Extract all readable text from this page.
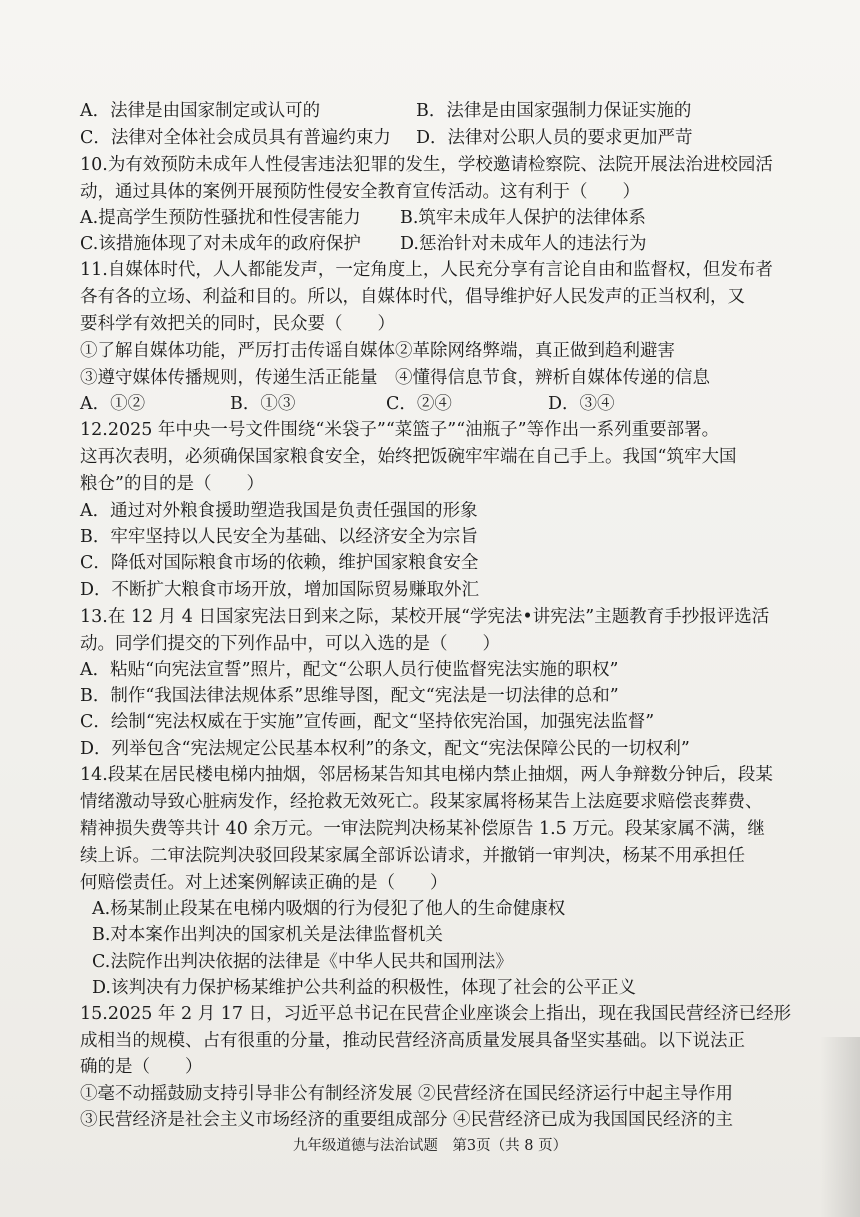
A．法律是由国家制定或认可的	B．法律是由国家强制力保证实施的
C．法律对全体社会成员具有普遍约束力 D．法律对公职人员的要求更加严苛
10.为有效预防未成年人性侵害违法犯罪的发生，学校邀请检察院、法院开展法治进校园活
动，通过具体的案例开展预防性侵安全教育宣传活动。这有利于（　　）
A.提高学生预防性骚扰和性侵害能力 B.筑牢未成年人保护的法律体系
C.该措施体现了对未成年的政府保护 D.惩治针对未成年人的违法行为
11.自媒体时代，人人都能发声，一定角度上，人民充分享有言论自由和监督权，但发布者
各有各的立场、利益和目的。所以，自媒体时代，倡导维护好人民发声的正当权利，又
要科学有效把关的同时，民众要（　　）
①了解自媒体功能，严厉打击传谣自媒体②革除网络弊端，真正做到趋利避害
③遵守媒体传播规则，传递生活正能量　④懂得信息节食，辨析自媒体传递的信息
A．①②	B．①③	C．②④	D．③④
12.2025 年中央一号文件围绕“米袋子”“菜篮子”“油瓶子”等作出一系列重要部署。
这再次表明，必须确保国家粮食安全，始终把饭碗牢牢端在自己手上。我国“筑牢大国
粮仓”的目的是（　　）
A．通过对外粮食援助塑造我国是负责任强国的形象
B．牢牢坚持以人民安全为基础、以经济安全为宗旨
C．降低对国际粮食市场的依赖，维护国家粮食安全
D．不断扩大粮食市场开放，增加国际贸易赚取外汇
13.在 12 月 4 日国家宪法日到来之际，某校开展“学宪法•讲宪法”主题教育手抄报评选活
动。同学们提交的下列作品中，可以入选的是（　　）
A．粘贴“向宪法宣誓”照片，配文“公职人员行使监督宪法实施的职权”
B．制作“我国法律法规体系”思维导图，配文“宪法是一切法律的总和”
C．绘制“宪法权威在于实施”宣传画，配文“坚持依宪治国，加强宪法监督”
D．列举包含“宪法规定公民基本权利”的条文，配文“宪法保障公民的一切权利”
14.段某在居民楼电梯内抽烟，邻居杨某告知其电梯内禁止抽烟，两人争辩数分钟后，段某
情绪激动导致心脏病发作，经抢救无效死亡。段某家属将杨某告上法庭要求赔偿丧葬费、
精神损失费等共计 40 余万元。一审法院判决杨某补偿原告 1.5 万元。段某家属不满，继
续上诉。二审法院判决驳回段某家属全部诉讼请求，并撤销一审判决，杨某不用承担任
何赔偿责任。对上述案例解读正确的是（　　）
A.杨某制止段某在电梯内吸烟的行为侵犯了他人的生命健康权
B.对本案作出判决的国家机关是法律监督机关
C.法院作出判决依据的法律是《中华人民共和国刑法》
D.该判决有力保护杨某维护公共利益的积极性，体现了社会的公平正义
15.2025 年 2 月 17 日，习近平总书记在民营企业座谈会上指出，现在我国民营经济已经形
成相当的规模、占有很重的分量，推动民营经济高质量发展具备坚实基础。以下说法正
确的是（　　）
①毫不动摇鼓励支持引导非公有制经济发展 ②民营经济在国民经济运行中起主导作用
③民营经济是社会主义市场经济的重要组成部分 ④民营经济已成为我国国民经济的主
九年级道德与法治试题　第3页（共 8 页）
